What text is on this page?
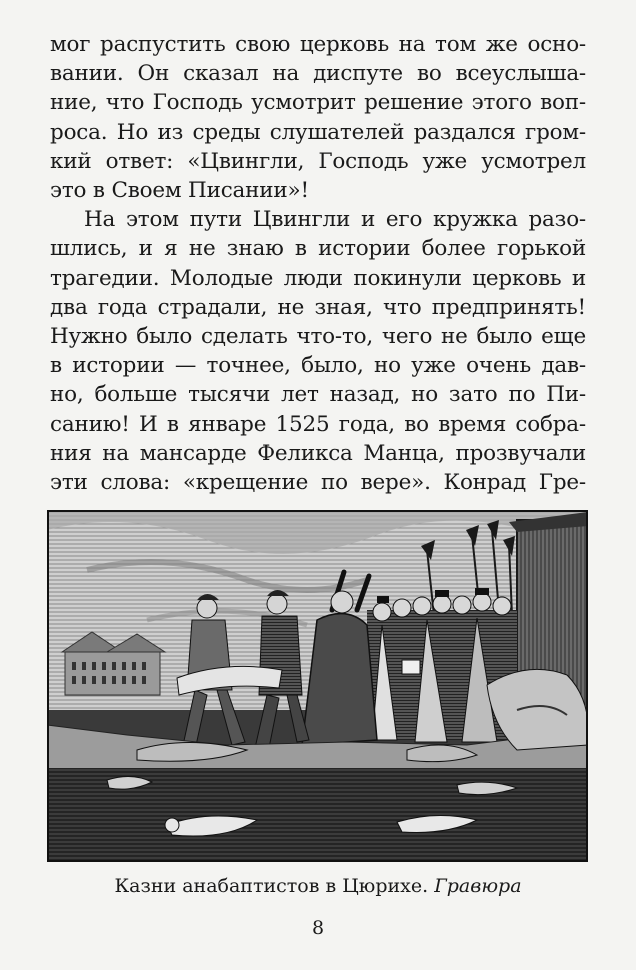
мог распустить свою церковь на том же осно-
вании. Он сказал на диспуте во всеуслыша-
ние, что Господь усмотрит решение этого воп-
роса. Но из среды слушателей раздался гром-
кий ответ: «Цвингли, Господь уже усмотрел
это в Своем Писании»!
На этом пути Цвингли и его кружка разо-
шлись, и я не знаю в истории более горькой
трагедии. Молодые люди покинули церковь и
два года страдали, не зная, что предпринять!
Нужно было сделать что-то, чего не было еще
в истории — точнее, было, но уже очень дав-
но, больше тысячи лет назад, но зато по Пи-
санию! И в январе 1525 года, во время собра-
ния на мансарде Феликса Манца, прозвучали
эти слова: «крещение по вере». Конрад Гре-
Казни анабаптистов в Цюрихе. Гравюра
8
